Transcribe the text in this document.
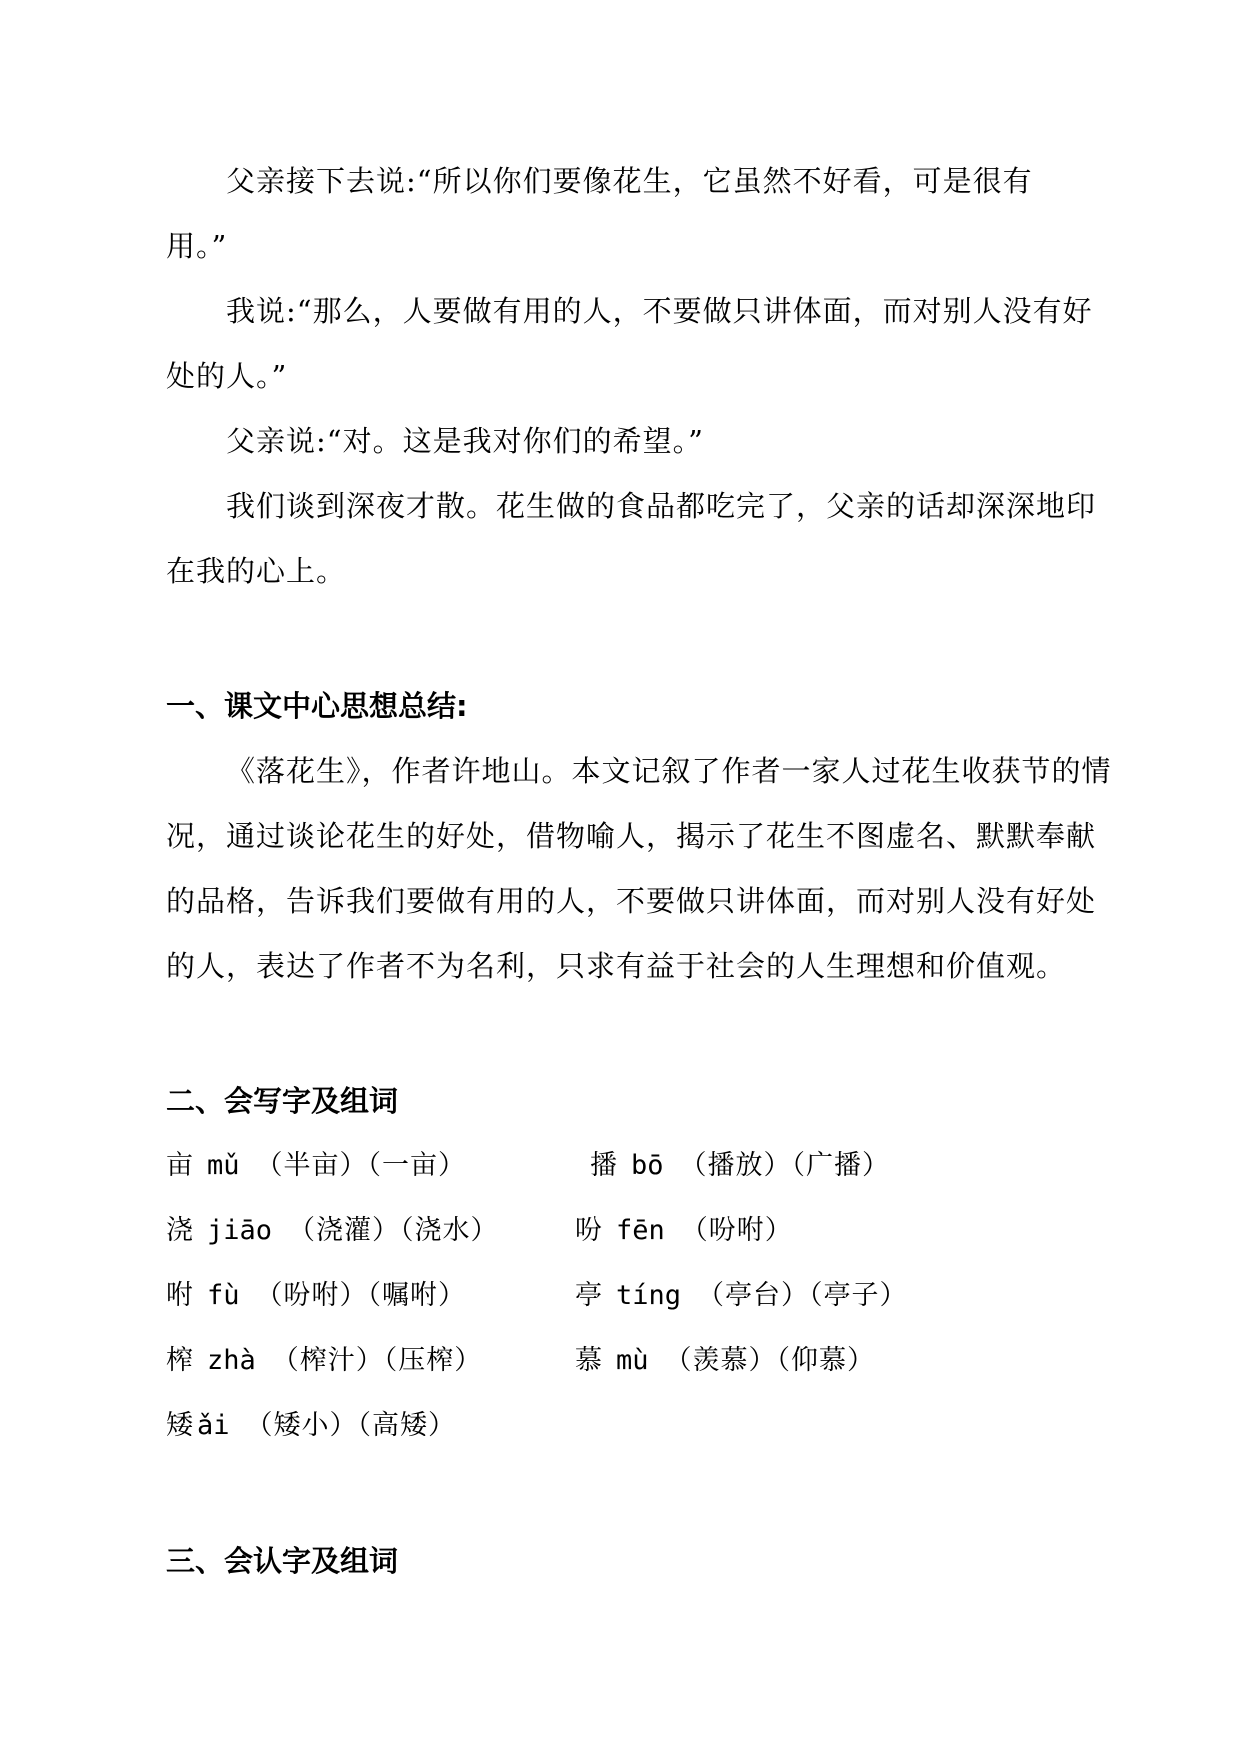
父亲接下去说:“所以你们要像花生，它虽然不好看，可是很有
用。”
我说:“那么，人要做有用的人，不要做只讲体面，而对别人没有好
处的人。”
父亲说:“对。这是我对你们的希望。”
我们谈到深夜才散。花生做的食品都吃完了，父亲的话却深深地印
在我的心上。
一、课文中心思想总结:
《落花生》，作者许地山。本文记叙了作者一家人过花生收获节的情
况，通过谈论花生的好处，借物喻人，揭示了花生不图虚名、默默奉献
的品格，告诉我们要做有用的人，不要做只讲体面，而对别人没有好处
的人，表达了作者不为名利，只求有益于社会的人生理想和价值观。
二、会写字及组词
亩 mǔ （半亩）（一亩）	播 bō （播放）（广播）
浇 jiāo （浇灌）（浇水）	吩 fēn （吩咐）
咐 fù （吩咐）（嘱咐）	亭 tíng （亭台）（亭子）
榨 zhà （榨汁）（压榨）	慕 mù （羡慕）（仰慕）
矮 ǎi （矮小）（高矮）
三、会认字及组词
